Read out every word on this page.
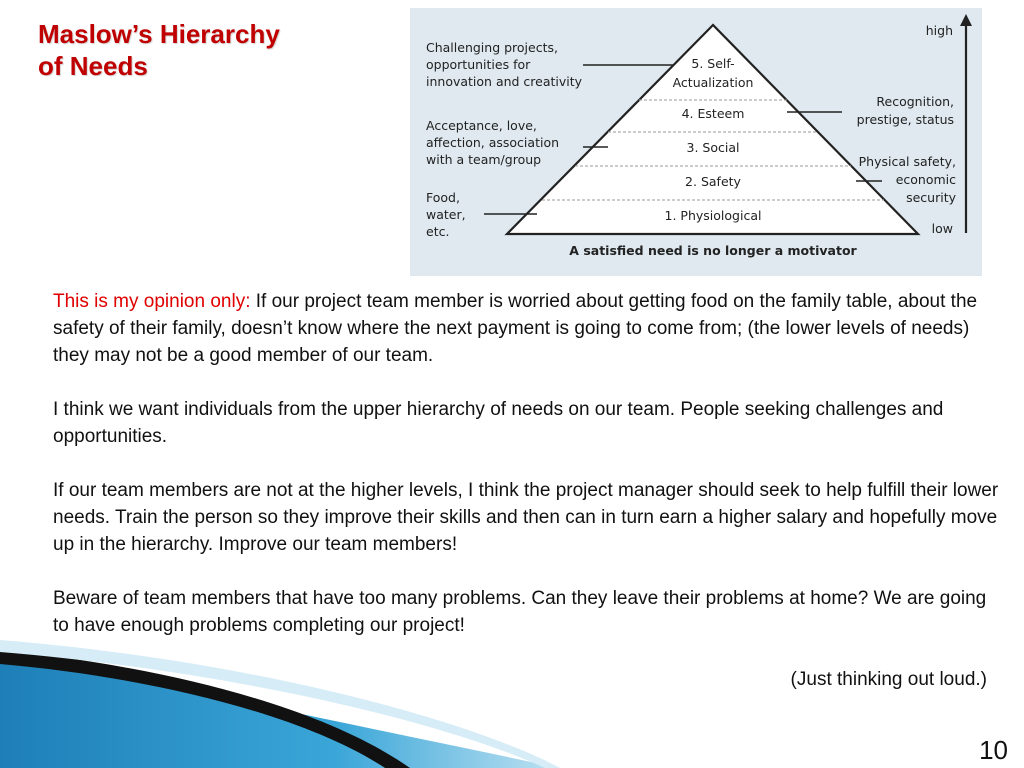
Maslow’s Hierarchy
of Needs
high
low
5. Self-
Actualization
4. Esteem
3. Social
2. Safety
1. Physiological
Challenging projects,
opportunities for
innovation and creativity
Acceptance, love,
affection, association
with a team/group
Food,
water,
etc.
Recognition,
prestige, status
Physical safety,
economic
security
A satisfied need is no longer a motivator

This is my opinion only: If our project team member is worried about getting food on the family table, about the safety of their family, doesn’t know where the next payment is going to come from; (the lower levels of needs) they may not be a good member of our team.

I think we want individuals from the upper hierarchy of needs on our team. People seeking challenges and opportunities.

If our team members are not at the higher levels, I think the project manager should seek to help fulfill their lower needs. Train the person so they improve their skills and then can in turn earn a higher salary and hopefully move up in the hierarchy. Improve our team members!

Beware of team members that have too many problems. Can they leave their problems at home? We are going to have enough problems completing our project!

(Just thinking out loud.)

10
